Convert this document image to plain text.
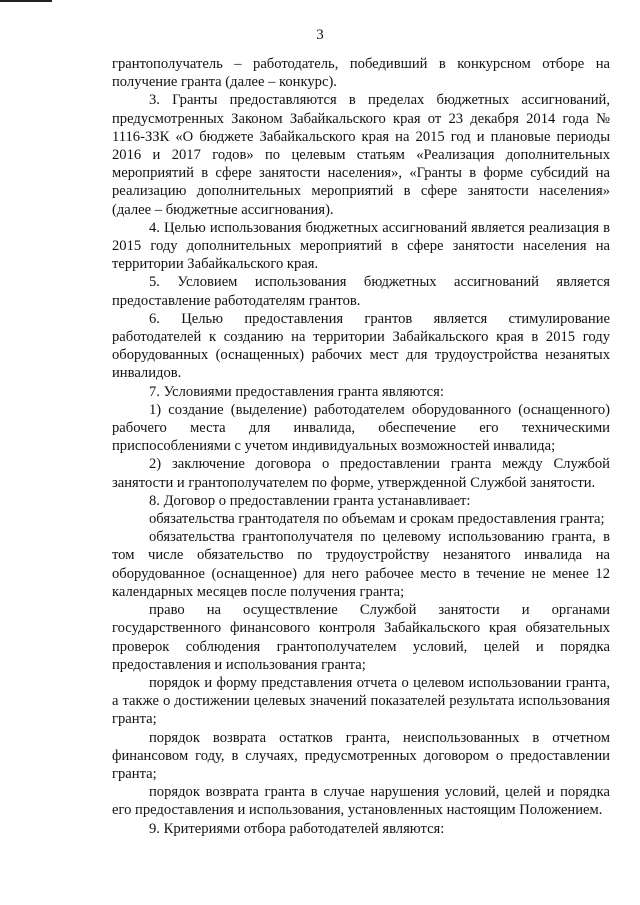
3

грантополучатель – работодатель, победивший в конкурсном отборе на получение гранта (далее – конкурс).

3. Гранты предоставляются в пределах бюджетных ассигнований, предусмотренных Законом Забайкальского края от 23 декабря 2014 года № 1116-ЗЗК «О бюджете Забайкальского края на 2015 год и плановые периоды 2016 и 2017 годов» по целевым статьям «Реализация дополнительных мероприятий в сфере занятости населения», «Гранты в форме субсидий на реализацию дополнительных мероприятий в сфере занятости населения» (далее – бюджетные ассигнования).

4. Целью использования бюджетных ассигнований является реализация в 2015 году дополнительных мероприятий в сфере занятости населения на территории Забайкальского края.

5. Условием использования бюджетных ассигнований является предоставление работодателям грантов.

6. Целью предоставления грантов является стимулирование работодателей к созданию на территории Забайкальского края в 2015 году оборудованных (оснащенных) рабочих мест для трудоустройства незанятых инвалидов.

7. Условиями предоставления гранта являются:

1) создание (выделение) работодателем оборудованного (оснащенного) рабочего места для инвалида, обеспечение его техническими приспособлениями с учетом индивидуальных возможностей инвалида;

2) заключение договора о предоставлении гранта между Службой занятости и грантополучателем по форме, утвержденной Службой занятости.

8. Договор о предоставлении гранта устанавливает:

обязательства грантодателя по объемам и срокам предоставления гранта;

обязательства грантополучателя по целевому использованию гранта, в том числе обязательство по трудоустройству незанятого инвалида на оборудованное (оснащенное) для него рабочее место в течение не менее 12 календарных месяцев после получения гранта;

право на осуществление Службой занятости и органами государственного финансового контроля Забайкальского края обязательных проверок соблюдения грантополучателем условий, целей и порядка предоставления и использования гранта;

порядок и форму представления отчета о целевом использовании гранта, а также о достижении целевых значений показателей результата использования гранта;

порядок возврата остатков гранта, неиспользованных в отчетном финансовом году, в случаях, предусмотренных договором о предоставлении гранта;

порядок возврата гранта в случае нарушения условий, целей и порядка его предоставления и использования, установленных настоящим Положением.

9. Критериями отбора работодателей являются:
